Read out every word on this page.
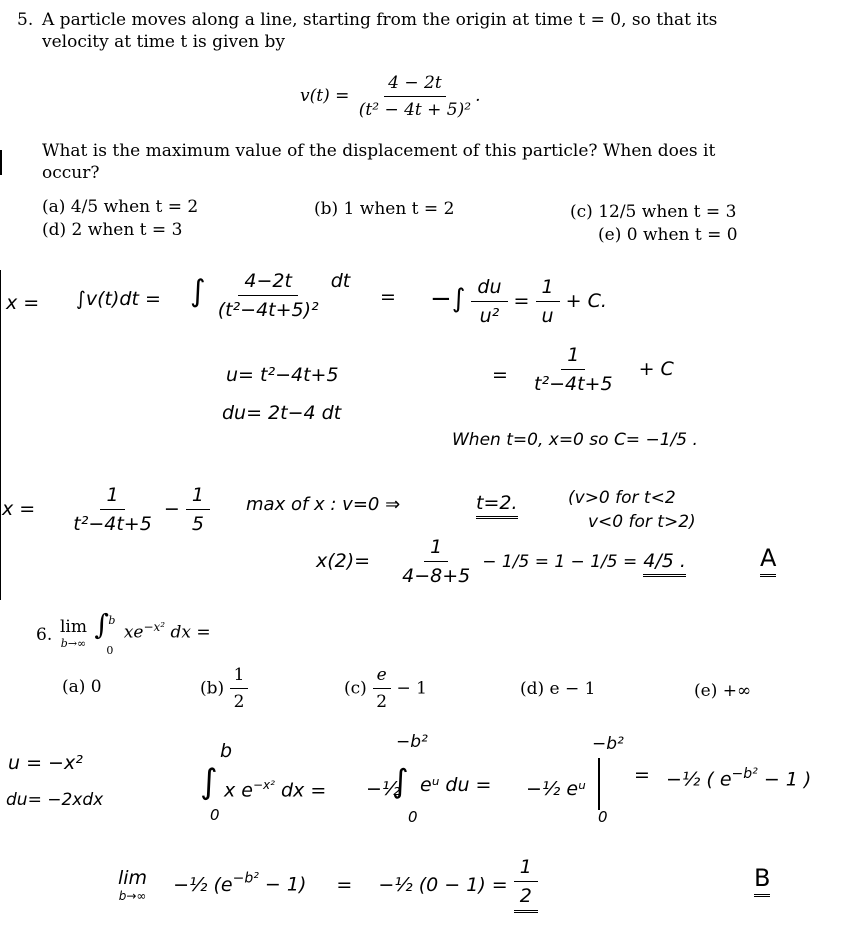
5. A particle moves along a line, starting from the origin at time t = 0, so that its
velocity at time t is given by
$v(t) = \frac{4 - 2t}{\text{(t² − 4t + 5)²}}$ .
What is the maximum value of the displacement of this particle? When does it
occur?
(a) 4/5 when t = 2	(b) 1 when t = 2	(c) 12/5 when t = 3
(d) 2 when t = 3	(e) 0 when t = 0
x = ∫v(t)dt = ∫ $\frac{4-2t}{\text{(t²−4t+5)²}}$ dt
= −∫ $\frac{du}{\text{u²}} = \frac{1}{u} + C$.
u= t²−4t+5
du= 2t−4 dt
= $\frac{1}{\text{t²−4t+5}} + C$
When t=0, x=0 so C= −1/5 .
$x = \frac{1}{\text{t²−4t+5}} - \frac{1}{5}$ max of x : v=0 ⇒	t=2.	(v>0 for t<2
v<0 for t>2)
$x(2)= \frac{1}{4-8+5} - 1/5 = 1 - 1/5 = 4/5$ .	A
6. lim
b→∞

∫ b
0
$xe^{-x^2}$ dx =
(a) 0	$(b) \frac{1}{2}$	$(c) \frac{e}{2} - 1$	(d) e − 1	(e) +∞
u = −x²
du= −2xdx
b
∫
0
x $e^{-x^2}$ dx =
−b²
−½
∫ eᵘ du =
0
−½ eᵘ
−b²
0
= −½ ( $e^{-b^2} - 1$ )
lim
b→∞ −½ $(e^{-b^2} - 1)$ = −½ $(0 - 1) = \frac{1}{2}$	B
